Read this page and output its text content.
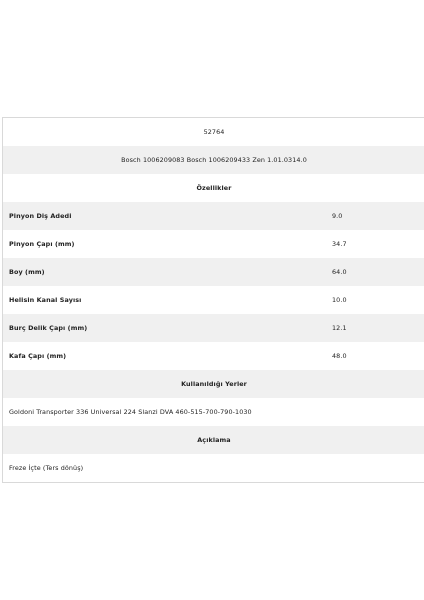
52764
Bosch 1006209083 Bosch 1006209433 Zen 1.01.0314.0
Özellikler
Pinyon Diş Adedi	9.0
Pinyon Çapı (mm)	34.7
Boy (mm)	64.0
Helisin Kanal Sayısı	10.0
Burç Delik Çapı (mm)	12.1
Kafa Çapı (mm)	48.0
Kullanıldığı Yerler
Goldoni Transporter 336 Universal 224 Slanzi DVA 460-515-700-790-1030
Açıklama
Freze İçte (Ters dönüş)
